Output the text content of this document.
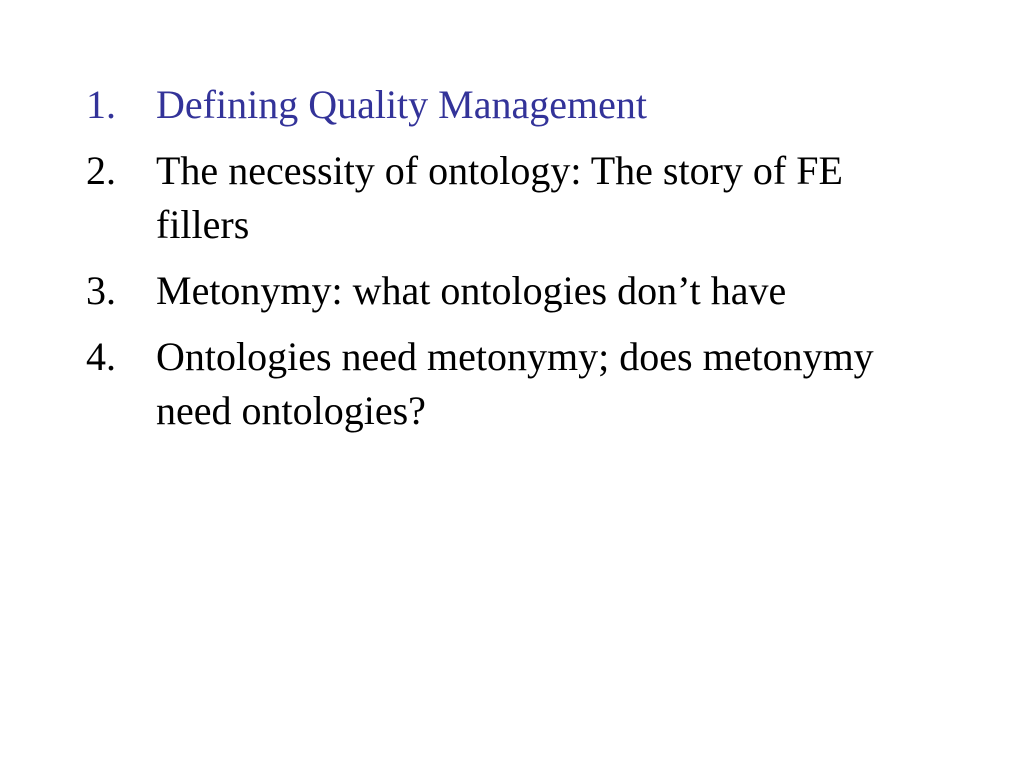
1.	Defining Quality Management
2.	The necessity of ontology: The story of FE fillers
3.	Metonymy: what ontologies don’t have
4.	Ontologies need metonymy; does metonymy need ontologies?
